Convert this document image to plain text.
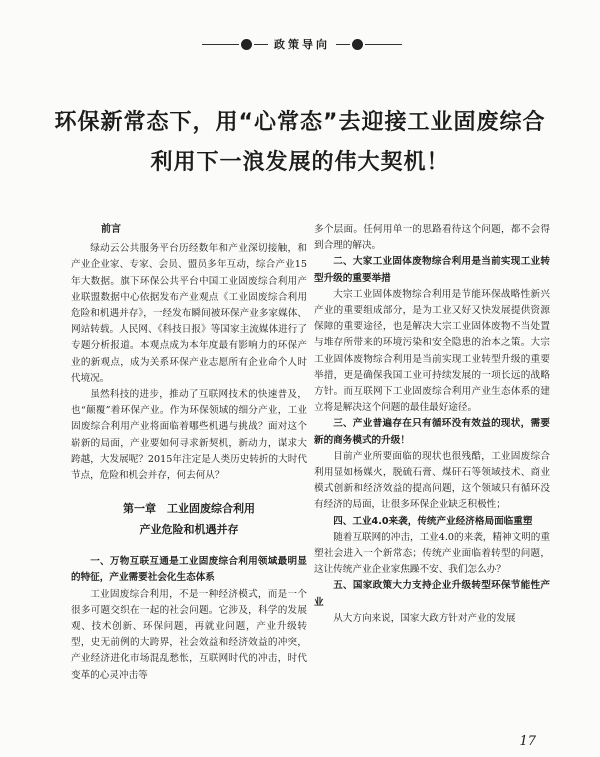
政策导向
环保新常态下，用“心常态”去迎接工业固废综合
利用下一浪发展的伟大契机！
前言

绿动云公共服务平台历经数年和产业深切接触，和产业企业家、专家、会员、盟员多年互动，综合产业15年大数据。旗下环保公共平台中国工业固废综合利用产业联盟数据中心依据发布产业观点《工业固废综合利用危险和机遇并存》，一经发布瞬间被环保产业多家媒体、网站转载。人民网、《科技日报》等国家主流媒体进行了专题分析报道。本观点成为本年度最有影响力的环保产业的新观点，成为关系环保产业志愿所有企业命个人时代境况。

虽然科技的进步，推动了互联网技术的快速普及，也“颠覆”着环保产业。作为环保领域的细分产业，工业固废综合利用产业将面临着哪些机遇与挑战？面对这个崭新的局面，产业要如何寻求新契机，新动力，谋求大跨越，大发展呢？2015年注定是人类历史转折的大时代节点，危险和机会并存，何去何从？

第一章　工业固废综合利用
产业危险和机遇并存

一、万物互联互通是工业固废综合利用领域最明显的特征，产业需要社会化生态体系

工业固废综合利用，不是一种经济模式，而是一个很多可题交织在一起的社会问题。它涉及，科学的发展观、技术创新、环保问题，再就业问题，产业升级转型，史无前例的大跨界，社会效益和经济效益的冲突，产业经济进化市场混乱愁怅，互联网时代的冲击，时代变革的心灵冲击等

多个层面。任何用单一的思路看待这个问题，都不会得到合理的解决。

二、大家工业固体废物综合利用是当前实现工业转型升级的重要举措

大宗工业固体废物综合利用是节能环保战略性新兴产业的重要组成部分，是为工业又好又快发展提供资源保障的重要途径，也是解决大宗工业固体废物不当处置与堆存所带来的环境污染和安全隐患的治本之策。大宗工业固体废物综合利用是当前实现工业转型升级的重要举措，更是确保我国工业可持续发展的一项长远的战略方针。而互联网下工业固废综合利用产业生态体系的建立将是解决这个问题的最佳最好途径。

三、产业普遍存在只有循环没有效益的现状，需要新的商务模式的升级！

目前产业所要面临的现状也很残酷，工业固废综合利用显如杨媒火，脱硫石膏、煤矸石等领域技术、商业模式创新和经济效益的提高问题，这个领域只有循环没有经济的局面，让很多环保企业缺乏积极性；

四、工业4.0来袭，传统产业经济格局面临重塑

随着互联网的冲击，工业4.0的来袭，精神文明的重塑社会进入一个新常态；传统产业面临着转型的问题，这让传统产业企业家焦躁不安、我们怎么办？

五、国家政策大力支持企业升级转型环保节能性产业

从大方向来说，国家大政方针对产业的发展

17
